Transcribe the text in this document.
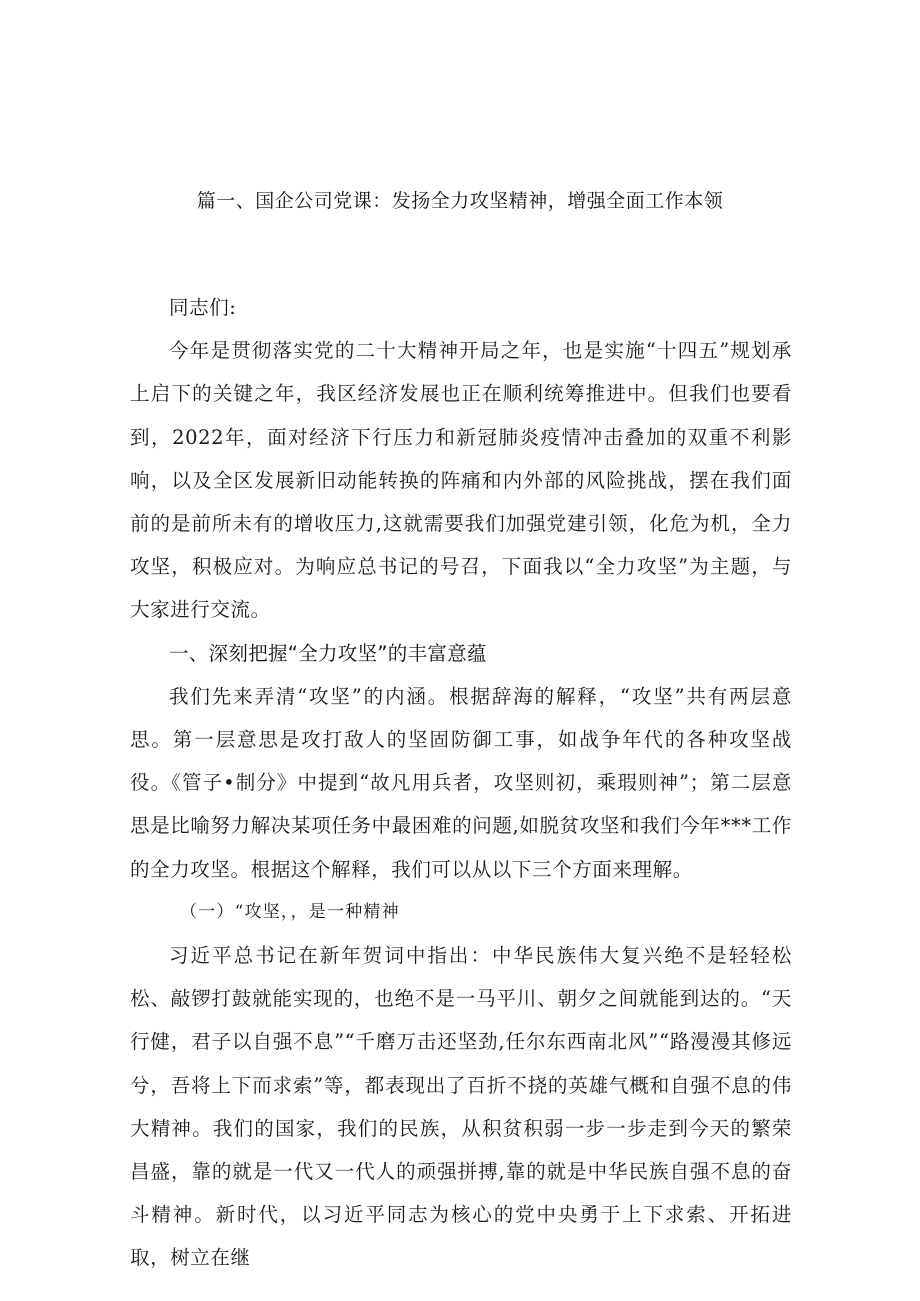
篇一、国企公司党课：发扬全力攻坚精神，增强全面工作本领

同志们:

今年是贯彻落实党的二十大精神开局之年，也是实施“十四五”规划承上启下的关键之年，我区经济发展也正在顺利统筹推进中。但我们也要看到，2022年，面对经济下行压力和新冠肺炎疫情冲击叠加的双重不利影响，以及全区发展新旧动能转换的阵痛和内外部的风险挑战，摆在我们面前的是前所未有的增收压力,这就需要我们加强党建引领，化危为机，全力攻坚，积极应对。为响应总书记的号召，下面我以“全力攻坚”为主题，与大家进行交流。

一、深刻把握“全力攻坚”的丰富意蕴

我们先来弄清“攻坚”的内涵。根据辞海的解释，“攻坚”共有两层意思。第一层意思是攻打敌人的坚固防御工事，如战争年代的各种攻坚战役。《管子•制分》中提到“故凡用兵者，攻坚则初，乘瑕则神”；第二层意思是比喻努力解决某项任务中最困难的问题,如脱贫攻坚和我们今年***工作的全力攻坚。根据这个解释，我们可以从以下三个方面来理解。

（一）“攻坚，，是一种精神

习近平总书记在新年贺词中指出：中华民族伟大复兴绝不是轻轻松松、敲锣打鼓就能实现的，也绝不是一马平川、朝夕之间就能到达的。“天行健，君子以自强不息”“千磨万击还坚劲,任尔东西南北风”“路漫漫其修远兮，吾将上下而求索”等，都表现出了百折不挠的英雄气概和自强不息的伟大精神。我们的国家，我们的民族，从积贫积弱一步一步走到今天的繁荣昌盛，靠的就是一代又一代人的顽强拼搏,靠的就是中华民族自强不息的奋斗精神。新时代，以习近平同志为核心的党中央勇于上下求索、开拓进取，树立在继
